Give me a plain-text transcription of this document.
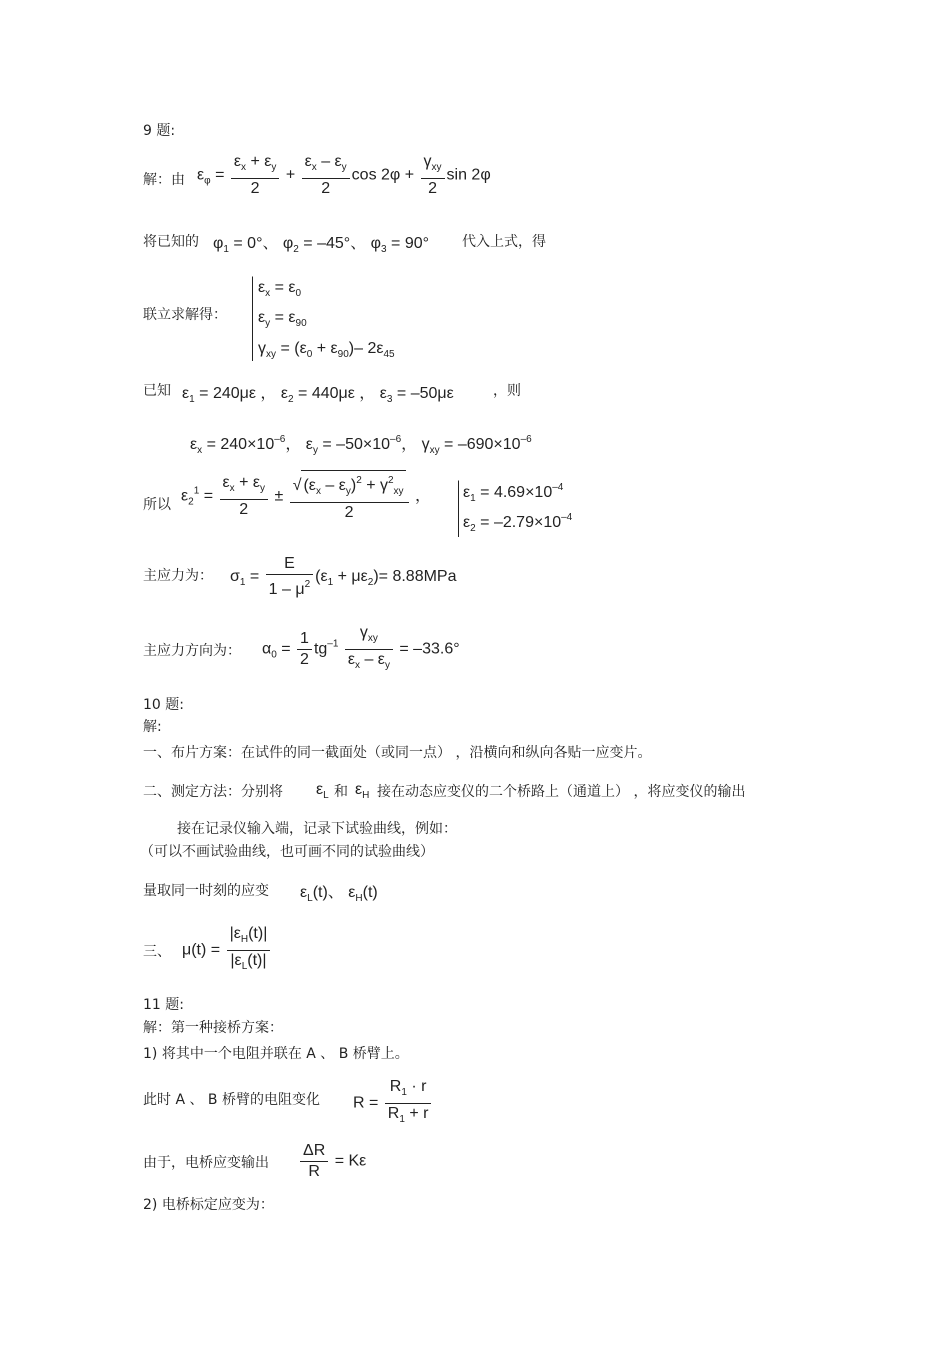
9 题:
解：由 $\varepsilon_\varphi = \frac{\varepsilon_x + \varepsilon_y}{2} + \frac{\varepsilon_x - \varepsilon_y}{2}$ $\cos 2\varphi + \frac{\gamma_{xy}}{2}$ sin 2φ
将已知的 $\varphi_1 = 0^\circ$、 $\varphi_2 = -45^\circ$、 $\varphi_3 = 90^\circ$ 代入上式，得
联立求解得：
$\varepsilon_x = \varepsilon_0$
$\varepsilon_y = \varepsilon_{90}$
$\gamma_{xy} = (\varepsilon_0 + \varepsilon_{90})-$ $2\varepsilon_{45}$
已知 $\varepsilon_1 = 240\mu\varepsilon$ ， $\varepsilon_2 = 440\mu\varepsilon$ ， $\varepsilon_3 = -50\mu\varepsilon$	，则
$\varepsilon_x = 240\times 10^{-6}$， $\varepsilon_y = -50\times 10^{-6}$， $\gamma_{xy} = -690\times 10^{-6}$
所以
$\varepsilon_2^1 = \frac{\varepsilon_x + \varepsilon_y}{2} \pm \frac{√ (\varepsilon_x - \varepsilon_y)^2 + \gamma^2_{xy}}{2}$ ， $\varepsilon_1 = 4.69\times 10^{-4}$
$\varepsilon_2 = -2.79\times 10^{-4}$
主应力为： $\sigma_1 = \frac{E}{1 - \mu^2} (\varepsilon_1 + \mu\varepsilon_2)= 8.88MPa$
主应力方向为： $\alpha_0 = \frac{1}{2} tg^{-1} \frac{\gamma_{xy}}{\varepsilon_x - \varepsilon_y} = -33.6^\circ$
10 题:
解:
一、布片方案：在试件的同一截面处（或同一点） ，沿横向和纵向各贴一应变片。
二、测定方法：分别将 $\varepsilon_L$ 和 $\varepsilon_H$ 接在动态应变仪的二个桥路上（通道上） ，将应变仪的输出
接在记录仪输入端，记录下试验曲线，例如：
（可以不画试验曲线，也可画不同的试验曲线）
量取同一时刻的应变 $\varepsilon_L(t)$、 $\varepsilon_H(t)$
三、 $\mu(t) = \frac{|\varepsilon_H(t)|}{|\varepsilon_L(t)|}$
11 题:
解：第一种接桥方案：
1) 将其中一个电阻并联在 A 、 B 桥臂上。
此时 A 、 B 桥臂的电阻变化 $R = \frac{R_1 \cdot r}{R_1 + r}$
由于，电桥应变输出 $\frac{\Delta R}{R} = K\varepsilon$
2) 电桥标定应变为：
